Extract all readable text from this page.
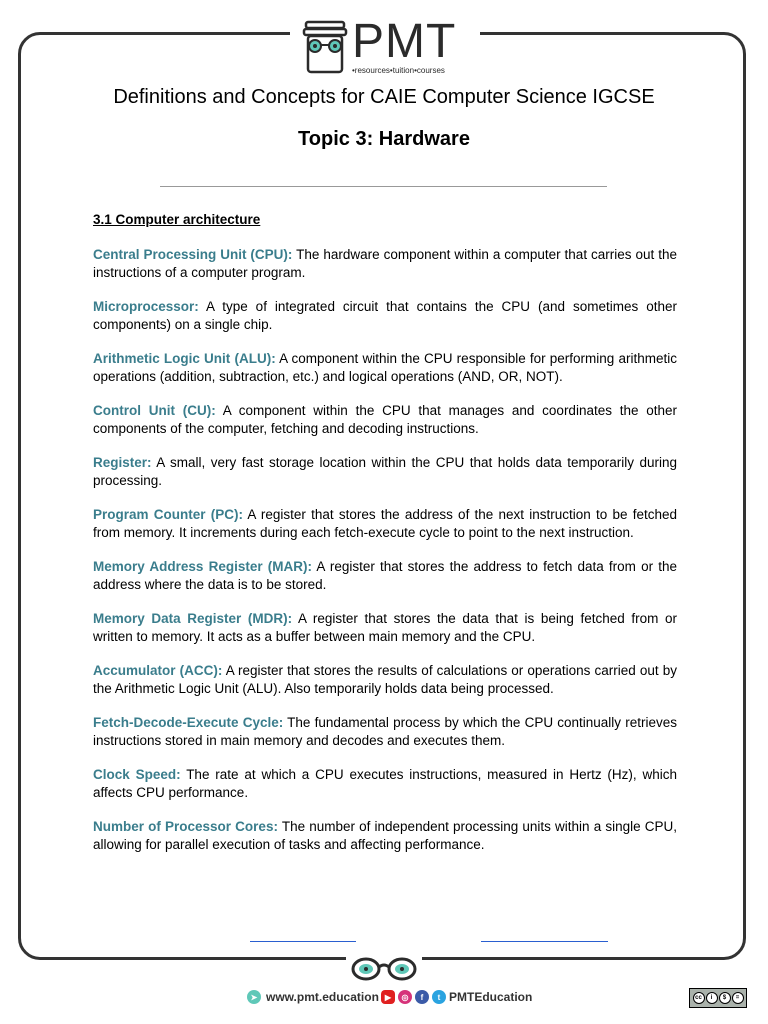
PMT
•resources•tuition•courses
Definitions and Concepts for CAIE Computer Science IGCSE
Topic 3: Hardware
3.1 Computer architecture

Central Processing Unit (CPU): The hardware component within a computer that carries out the instructions of a computer program.

Microprocessor: A type of integrated circuit that contains the CPU (and sometimes other components) on a single chip.

Arithmetic Logic Unit (ALU): A component within the CPU responsible for performing arithmetic operations (addition, subtraction, etc.) and logical operations (AND, OR, NOT).

Control Unit (CU): A component within the CPU that manages and coordinates the other components of the computer, fetching and decoding instructions.

Register: A small, very fast storage location within the CPU that holds data temporarily during processing.

Program Counter (PC): A register that stores the address of the next instruction to be fetched from memory. It increments during each fetch-execute cycle to point to the next instruction.

Memory Address Register (MAR): A register that stores the address to fetch data from or the address where the data is to be stored.

Memory Data Register (MDR): A register that stores the data that is being fetched from or written to memory. It acts as a buffer between main memory and the CPU.

Accumulator (ACC): A register that stores the results of calculations or operations carried out by the Arithmetic Logic Unit (ALU). Also temporarily holds data being processed.

Fetch-Decode-Execute Cycle: The fundamental process by which the CPU continually retrieves instructions stored in main memory and decodes and executes them.

Clock Speed: The rate at which a CPU executes instructions, measured in Hertz (Hz), which affects CPU performance.

Number of Processor Cores: The number of independent processing units within a single CPU, allowing for parallel execution of tasks and affecting performance.

➤ www.pmt.education ▶	◎	f	t PMTEducation	cc	i	$	=
